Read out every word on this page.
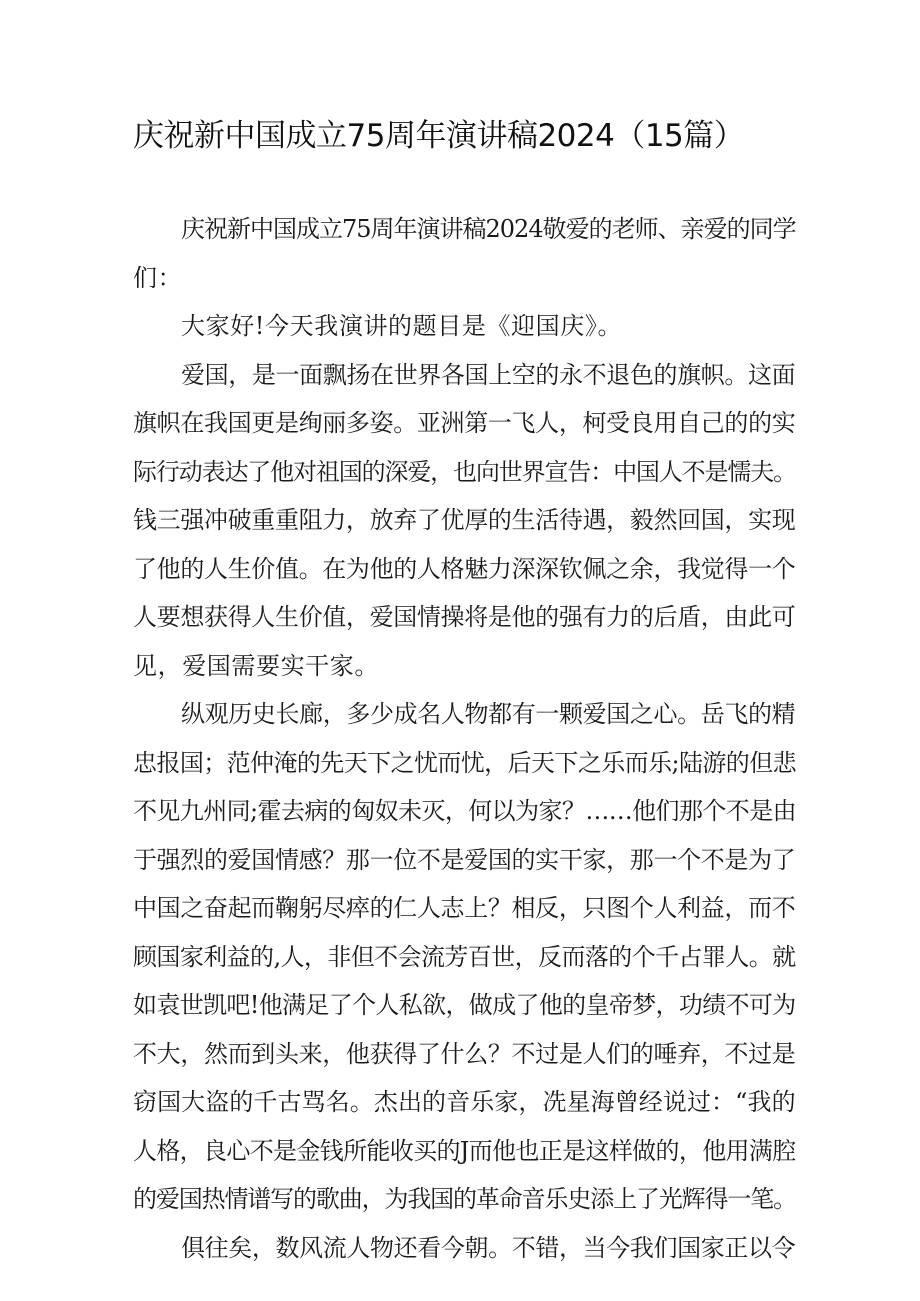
庆祝新中国成立75周年演讲稿2024（15篇）
庆祝新中国成立75周年演讲稿2024敬爱的老师、亲爱的同学
们：
大家好!今天我演讲的题目是《迎国庆》。
爱国，是一面飘扬在世界各国上空的永不退色的旗帜。这面
旗帜在我国更是绚丽多姿。亚洲第一飞人，柯受良用自己的的实
际行动表达了他对祖国的深爱，也向世界宣告：中国人不是懦夫。
钱三强冲破重重阻力，放弃了优厚的生活待遇，毅然回国，实现
了他的人生价值。在为他的人格魅力深深钦佩之余，我觉得一个
人要想获得人生价值，爱国情操将是他的强有力的后盾，由此可
见，爱国需要实干家。
纵观历史长廊，多少成名人物都有一颗爱国之心。岳飞的精
忠报国；范仲淹的先天下之忧而忧，后天下之乐而乐;陆游的但悲
不见九州同;霍去病的匈奴未灭，何以为家？……他们那个不是由
于强烈的爱国情感？那一位不是爱国的实干家，那一个不是为了
中国之奋起而鞠躬尽瘁的仁人志上？相反，只图个人利益，而不
顾国家利益的,人，非但不会流芳百世，反而落的个千占罪人。就
如袁世凯吧!他满足了个人私欲，做成了他的皇帝梦，功绩不可为
不大，然而到头来，他获得了什么？不过是人们的唾弃，不过是
窃国大盗的千古骂名。杰出的音乐家，冼星海曾经说过：“我的
人格，良心不是金钱所能收买的J而他也正是这样做的，他用满腔
的爱国热情谱写的歌曲，为我国的革命音乐史添上了光辉得一笔。
俱往矣，数风流人物还看今朝。不错，当今我们国家正以令
